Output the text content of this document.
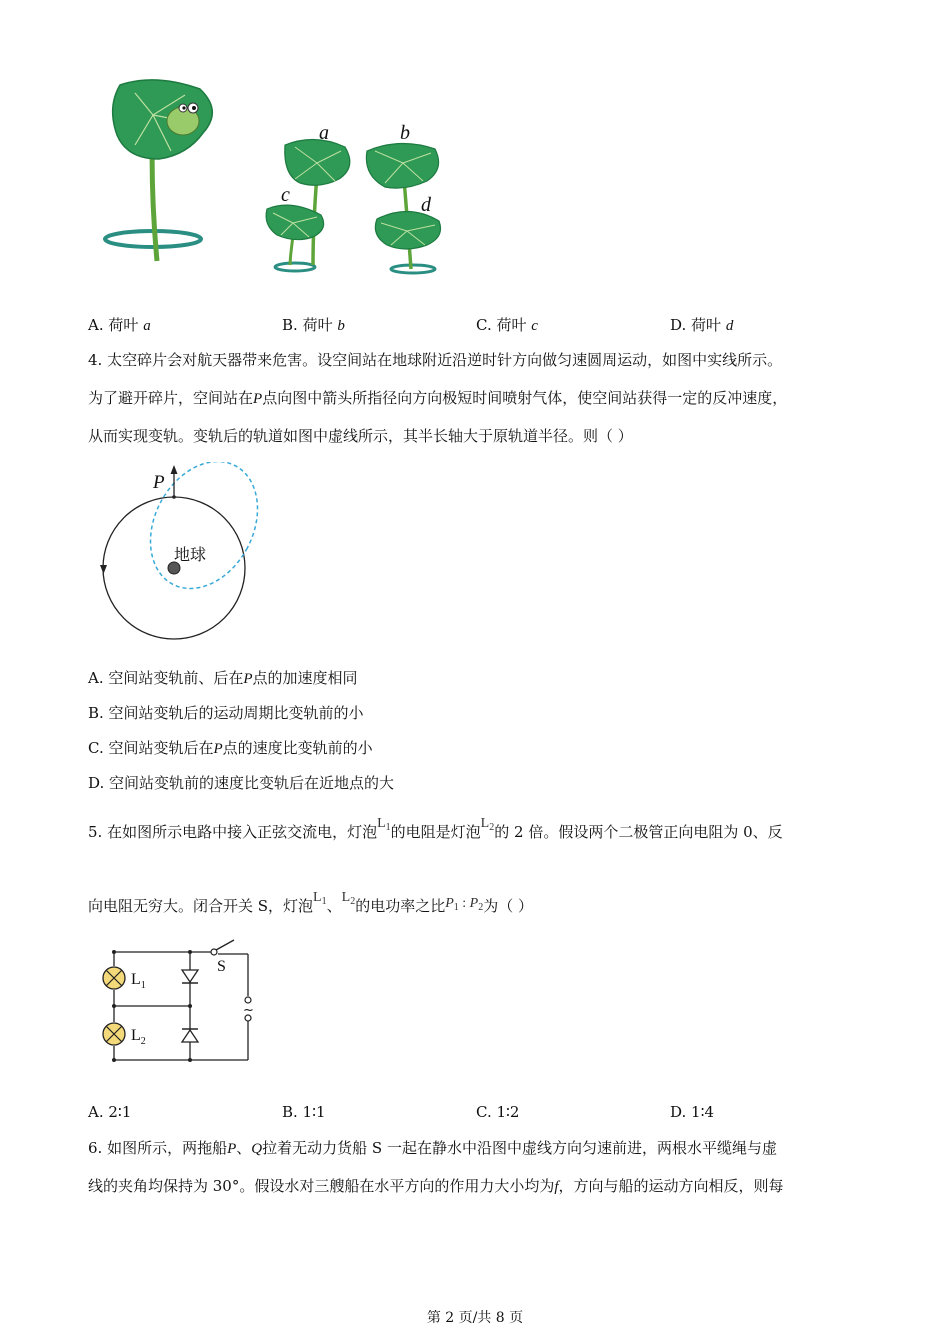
a	b
c	d
A. 荷叶 a	B. 荷叶 b	C. 荷叶 c	D. 荷叶 d
4. 太空碎片会对航天器带来危害。设空间站在地球附近沿逆时针方向做匀速圆周运动，如图中实线所示。
为了避开碎片，空间站在P点向图中箭头所指径向方向极短时间喷射气体，使空间站获得一定的反冲速度，
从而实现变轨。变轨后的轨道如图中虚线所示，其半长轴大于原轨道半径。则（ ）
P
地球
A. 空间站变轨前、后在P点的加速度相同
B. 空间站变轨后的运动周期比变轨前的小
C. 空间站变轨后在P点的速度比变轨前的小
D. 空间站变轨前的速度比变轨后在近地点的大
5. 在如图所示电路中接入正弦交流电，灯泡$L_1$的电阻是灯泡$L_2$的 2 倍。假设两个二极管正向电阻为 0、反
向电阻无穷大。闭合开关 S，灯泡$L_1$、$L_2$的电功率之比$P_1$ : $P_2$为（ ）
S
$L_1$
$L_2$
~
A. 2∶1	B. 1∶1	C. 1∶2	D. 1∶4
6. 如图所示，两拖船P、Q拉着无动力货船 S 一起在静水中沿图中虚线方向匀速前进，两根水平缆绳与虚
线的夹角均保持为 30°。假设水对三艘船在水平方向的作用力大小均为f，方向与船的运动方向相反，则每
第 2 页/共 8 页
